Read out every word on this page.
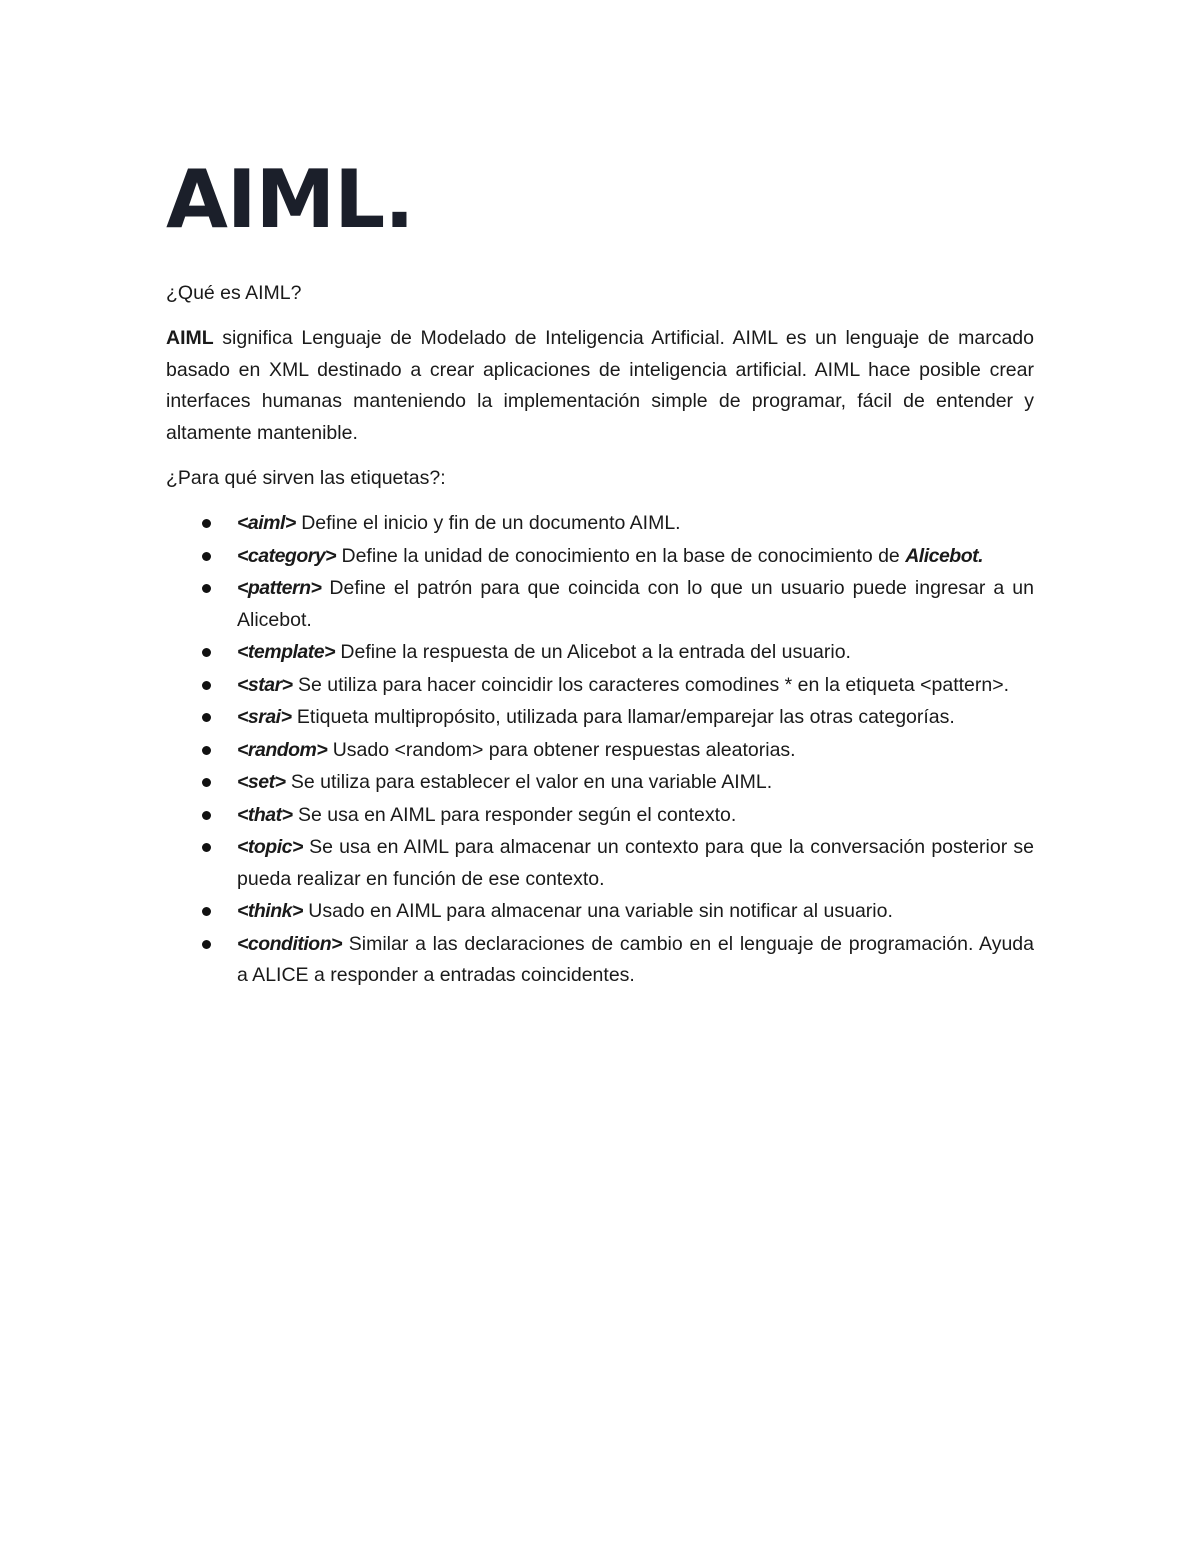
AIML.

¿Qué es AIML?

AIML significa Lenguaje de Modelado de Inteligencia Artificial. AIML es un lenguaje de marcado basado en XML destinado a crear aplicaciones de inteligencia artificial. AIML hace posible crear interfaces humanas manteniendo la implementación simple de programar, fácil de entender y altamente mantenible.

¿Para qué sirven las etiquetas?:

<aiml> Define el inicio y fin de un documento AIML.
<category> Define la unidad de conocimiento en la base de conocimiento de Alicebot.
<pattern> Define el patrón para que coincida con lo que un usuario puede ingresar a un Alicebot.
<template> Define la respuesta de un Alicebot a la entrada del usuario.
<star> Se utiliza para hacer coincidir los caracteres comodines * en la etiqueta <pattern>.
<srai> Etiqueta multipropósito, utilizada para llamar/emparejar las otras categorías.
<random> Usado <random> para obtener respuestas aleatorias.
<set> Se utiliza para establecer el valor en una variable AIML.
<that> Se usa en AIML para responder según el contexto.
<topic> Se usa en AIML para almacenar un contexto para que la conversación posterior se pueda realizar en función de ese contexto.
<think> Usado en AIML para almacenar una variable sin notificar al usuario.
<condition> Similar a las declaraciones de cambio en el lenguaje de programación. Ayuda a ALICE a responder a entradas coincidentes.
